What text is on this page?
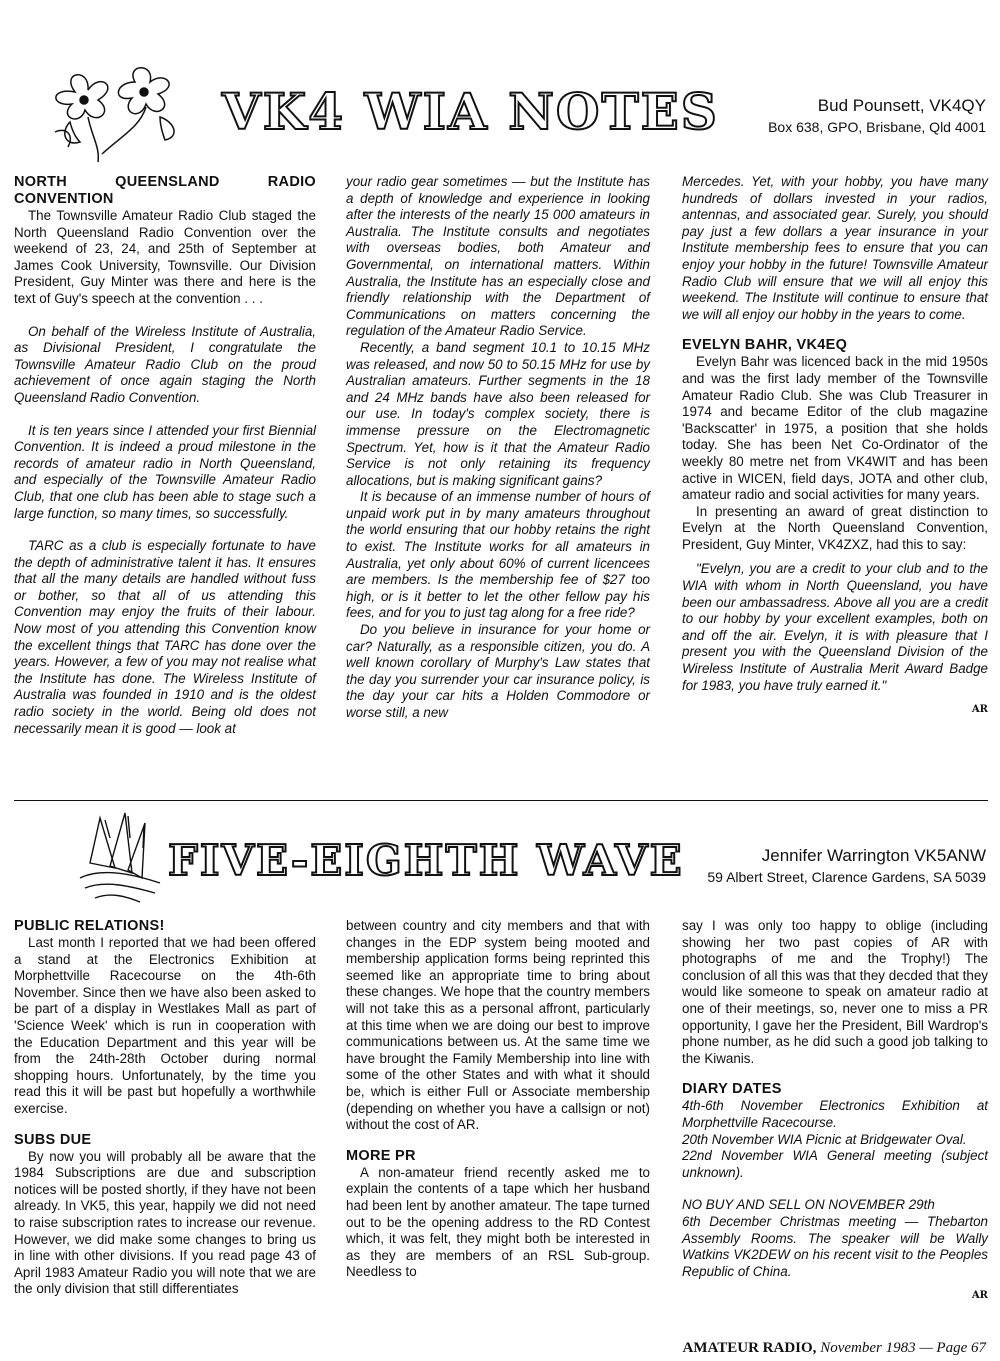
VK4 WIA NOTES	Bud Pounsett, VK4QY
Box 638, GPO, Brisbane, Qld 4001
NORTH QUEENSLAND RADIO CONVENTION

The Townsville Amateur Radio Club staged the North Queensland Radio Convention over the weekend of 23, 24, and 25th of September at James Cook University, Townsville. Our Division President, Guy Minter was there and here is the text of Guy's speech at the convention . . .

On behalf of the Wireless Institute of Australia, as Divisional President, I congratulate the Townsville Amateur Radio Club on the proud achievement of once again staging the North Queensland Radio Convention.

It is ten years since I attended your first Biennial Convention. It is indeed a proud milestone in the records of amateur radio in North Queensland, and especially of the Townsville Amateur Radio Club, that one club has been able to stage such a large function, so many times, so successfully.

TARC as a club is especially fortunate to have the depth of administrative talent it has. It ensures that all the many details are handled without fuss or bother, so that all of us attending this Convention may enjoy the fruits of their labour. Now most of you attending this Convention know the excellent things that TARC has done over the years. However, a few of you may not realise what the Institute has done. The Wireless Institute of Australia was founded in 1910 and is the oldest radio society in the world. Being old does not necessarily mean it is good — look at

your radio gear sometimes — but the Institute has a depth of knowledge and experience in looking after the interests of the nearly 15 000 amateurs in Australia. The Institute consults and negotiates with overseas bodies, both Amateur and Governmental, on international matters. Within Australia, the Institute has an especially close and friendly relationship with the Department of Communications on matters concerning the regulation of the Amateur Radio Service.

Recently, a band segment 10.1 to 10.15 MHz was released, and now 50 to 50.15 MHz for use by Australian amateurs. Further segments in the 18 and 24 MHz bands have also been released for our use. In today's complex society, there is immense pressure on the Electromagnetic Spectrum. Yet, how is it that the Amateur Radio Service is not only retaining its frequency allocations, but is making significant gains?

It is because of an immense number of hours of unpaid work put in by many amateurs throughout the world ensuring that our hobby retains the right to exist. The Institute works for all amateurs in Australia, yet only about 60% of current licencees are members. Is the membership fee of $27 too high, or is it better to let the other fellow pay his fees, and for you to just tag along for a free ride?

Do you believe in insurance for your home or car? Naturally, as a responsible citizen, you do. A well known corollary of Murphy's Law states that the day you surrender your car insurance policy, is the day your car hits a Holden Commodore or worse still, a new

Mercedes. Yet, with your hobby, you have many hundreds of dollars invested in your radios, antennas, and associated gear. Surely, you should pay just a few dollars a year insurance in your Institute membership fees to ensure that you can enjoy your hobby in the future! Townsville Amateur Radio Club will ensure that we will all enjoy this weekend. The Institute will continue to ensure that we will all enjoy our hobby in the years to come.

EVELYN BAHR, VK4EQ

Evelyn Bahr was licenced back in the mid 1950s and was the first lady member of the Townsville Amateur Radio Club. She was Club Treasurer in 1974 and became Editor of the club magazine 'Backscatter' in 1975, a position that she holds today. She has been Net Co-Ordinator of the weekly 80 metre net from VK4WIT and has been active in WICEN, field days, JOTA and other club, amateur radio and social activities for many years.

In presenting an award of great distinction to Evelyn at the North Queensland Convention, President, Guy Minter, VK4ZXZ, had this to say:

"Evelyn, you are a credit to your club and to the WIA with whom in North Queensland, you have been our ambassadress. Above all you are a credit to our hobby by your excellent examples, both on and off the air. Evelyn, it is with pleasure that I present you with the Queensland Division of the Wireless Institute of Australia Merit Award Badge for 1983, you have truly earned it."

AR
FIVE-EIGHTH WAVE	Jennifer Warrington VK5ANW
59 Albert Street, Clarence Gardens, SA 5039
PUBLIC RELATIONS!

Last month I reported that we had been offered a stand at the Electronics Exhibition at Morphettville Racecourse on the 4th-6th November. Since then we have also been asked to be part of a display in Westlakes Mall as part of 'Science Week' which is run in cooperation with the Education Department and this year will be from the 24th-28th October during normal shopping hours. Unfortunately, by the time you read this it will be past but hopefully a worthwhile exercise.

SUBS DUE

By now you will probably all be aware that the 1984 Subscriptions are due and subscription notices will be posted shortly, if they have not been already. In VK5, this year, happily we did not need to raise subscription rates to increase our revenue. However, we did make some changes to bring us in line with other divisions. If you read page 43 of April 1983 Amateur Radio you will note that we are the only division that still differentiates

between country and city members and that with changes in the EDP system being mooted and membership application forms being reprinted this seemed like an appropriate time to bring about these changes. We hope that the country members will not take this as a personal affront, particularly at this time when we are doing our best to improve communications between us. At the same time we have brought the Family Membership into line with some of the other States and with what it should be, which is either Full or Associate membership (depending on whether you have a callsign or not) without the cost of AR.

MORE PR

A non-amateur friend recently asked me to explain the contents of a tape which her husband had been lent by another amateur. The tape turned out to be the opening address to the RD Contest which, it was felt, they might both be interested in as they are members of an RSL Sub-group. Needless to

say I was only too happy to oblige (including showing her two past copies of AR with photographs of me and the Trophy!) The conclusion of all this was that they decded that they would like someone to speak on amateur radio at one of their meetings, so, never one to miss a PR opportunity, I gave her the President, Bill Wardrop's phone number, as he did such a good job talking to the Kiwanis.

DIARY DATES

4th-6th November Electronics Exhibition at Morphettville Racecourse.

20th November WIA Picnic at Bridgewater Oval.

22nd November WIA General meeting (subject unknown).

NO BUY AND SELL ON NOVEMBER 29th

6th December Christmas meeting — Thebarton Assembly Rooms. The speaker will be Wally Watkins VK2DEW on his recent visit to the Peoples Republic of China.

AR
AMATEUR RADIO, November 1983 — Page 67
